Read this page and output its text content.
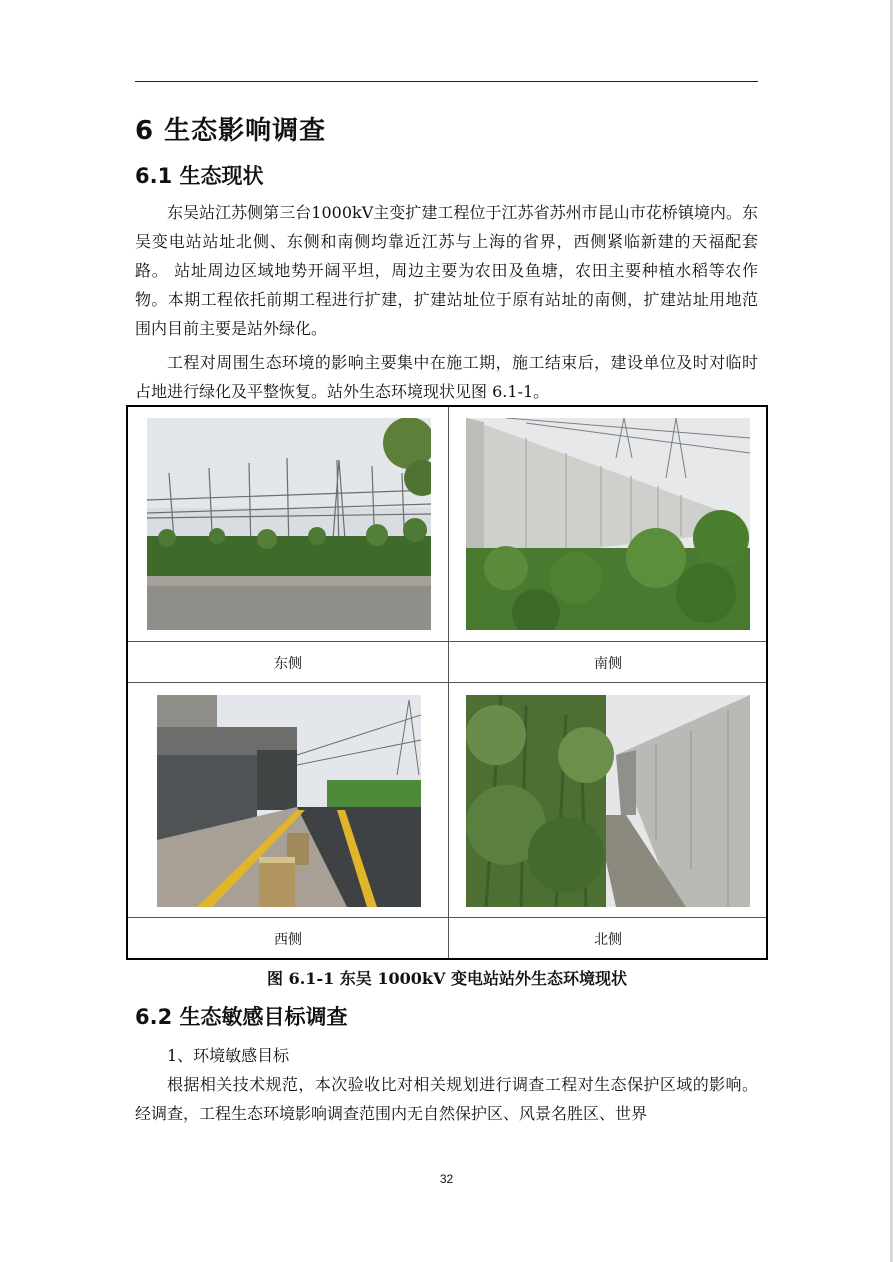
6 生态影响调查
6.1 生态现状

东吴站江苏侧第三台1000kV主变扩建工程位于江苏省苏州市昆山市花桥镇境内。东吴变电站站址北侧、东侧和南侧均靠近江苏与上海的省界，西侧紧临新建的天福配套路。 站址周边区域地势开阔平坦，周边主要为农田及鱼塘，农田主要种植水稻等农作物。本期工程依托前期工程进行扩建，扩建站址位于原有站址的南侧，扩建站址用地范围内目前主要是站外绿化。

工程对周围生态环境的影响主要集中在施工期，施工结束后，建设单位及时对临时占地进行绿化及平整恢复。站外生态环境现状见图 6.1-1。

东侧	南侧
西侧	北侧
图 6.1-1 东吴 1000kV 变电站站外生态环境现状
6.2 生态敏感目标调查

1、环境敏感目标

根据相关技术规范，本次验收比对相关规划进行调查工程对生态保护区域的影响。经调查，工程生态环境影响调查范围内无自然保护区、风景名胜区、世界

32
